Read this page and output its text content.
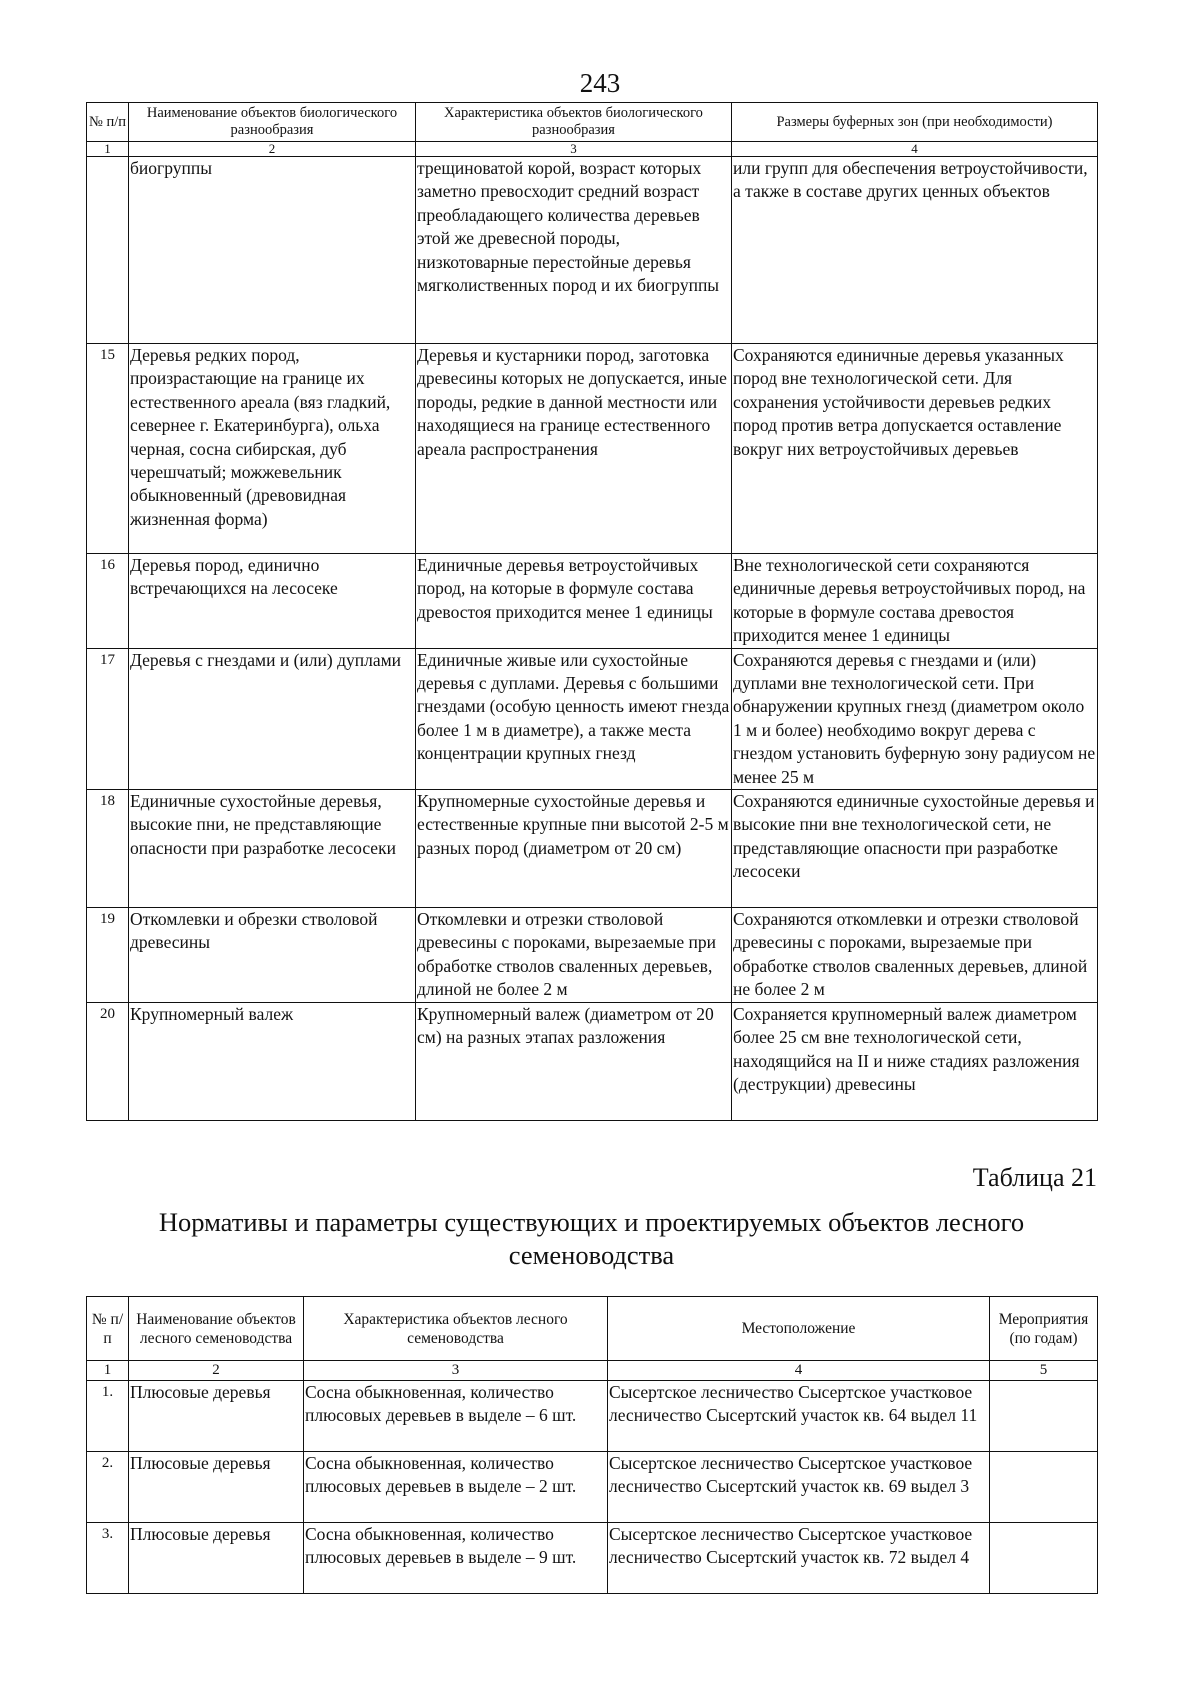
243
№ п/п	Наименование объектов биологического разнообразия	Характеристика объектов биологического разнообразия	Размеры буферных зон (при необходимости)
1	2	3	4
	биогруппы	трещиноватой корой, возраст которых заметно превосходит средний возраст преобладающего количества деревьев этой же древесной породы, низкотоварные перестойные деревья мягколиственных пород и их биогруппы	или групп для обеспечения ветроустойчивости, а также в составе других ценных объектов
15	Деревья редких пород, произрастающие на границе их естественного ареала (вяз гладкий, севернее г. Екатеринбурга), ольха черная, сосна сибирская, дуб черешчатый; можжевельник обыкновенный (древовидная жизненная форма)	Деревья и кустарники пород, заготовка древесины которых не допускается, иные породы, редкие в данной местности или находящиеся на границе естественного ареала распространения	Сохраняются единичные деревья указанных пород вне технологической сети. Для сохранения устойчивости деревьев редких пород против ветра допускается оставление вокруг них ветроустойчивых деревьев
16	Деревья пород, единично встречающихся на лесосеке	Единичные деревья ветроустойчивых пород, на которые в формуле состава древостоя приходится менее 1 единицы	Вне технологической сети сохраняются единичные деревья ветроустойчивых пород, на которые в формуле состава древостоя приходится менее 1 единицы
17	Деревья с гнездами и (или) дуплами	Единичные живые или сухостойные деревья с дуплами. Деревья с большими гнездами (особую ценность имеют гнезда более 1 м в диаметре), а также места концентрации крупных гнезд	Сохраняются деревья с гнездами и (или) дуплами вне технологической сети. При обнаружении крупных гнезд (диаметром около 1 м и более) необходимо вокруг дерева с гнездом установить буферную зону радиусом не менее 25 м
18	Единичные сухостойные деревья, высокие пни, не представляющие опасности при разработке лесосеки	Крупномерные сухостойные деревья и естественные крупные пни высотой 2-5 м разных пород (диаметром от 20 см)	Сохраняются единичные сухостойные деревья и высокие пни вне технологической сети, не представляющие опасности при разработке лесосеки
19	Откомлевки и обрезки стволовой древесины	Откомлевки и отрезки стволовой древесины с пороками, вырезаемые при обработке стволов сваленных деревьев, длиной не более 2 м	Сохраняются откомлевки и отрезки стволовой древесины с пороками, вырезаемые при обработке стволов сваленных деревьев, длиной не более 2 м
20	Крупномерный валеж	Крупномерный валеж (диаметром от 20 см) на разных этапах разложения	Сохраняется крупномерный валеж диаметром более 25 см вне технологической сети, находящийся на II и ниже стадиях разложения (деструкции) древесины
Таблица 21
Нормативы и параметры существующих и проектируемых объектов лесного семеноводства
№ п/п	Наименование объектов лесного семеноводства	Характеристика объектов лесного семеноводства	Местоположение	Мероприятия (по годам)
1	2	3	4	5
1.	Плюсовые деревья	Сосна обыкновенная, количество плюсовых деревьев в выделе – 6 шт.	Сысертское лесничество Сысертское участковое лесничество Сысертский участок кв. 64 выдел 11	
2.	Плюсовые деревья	Сосна обыкновенная, количество плюсовых деревьев в выделе – 2 шт.	Сысертское лесничество Сысертское участковое лесничество Сысертский участок кв. 69 выдел 3	
3.	Плюсовые деревья	Сосна обыкновенная, количество плюсовых деревьев в выделе – 9 шт.	Сысертское лесничество Сысертское участковое лесничество Сысертский участок кв. 72 выдел 4	
